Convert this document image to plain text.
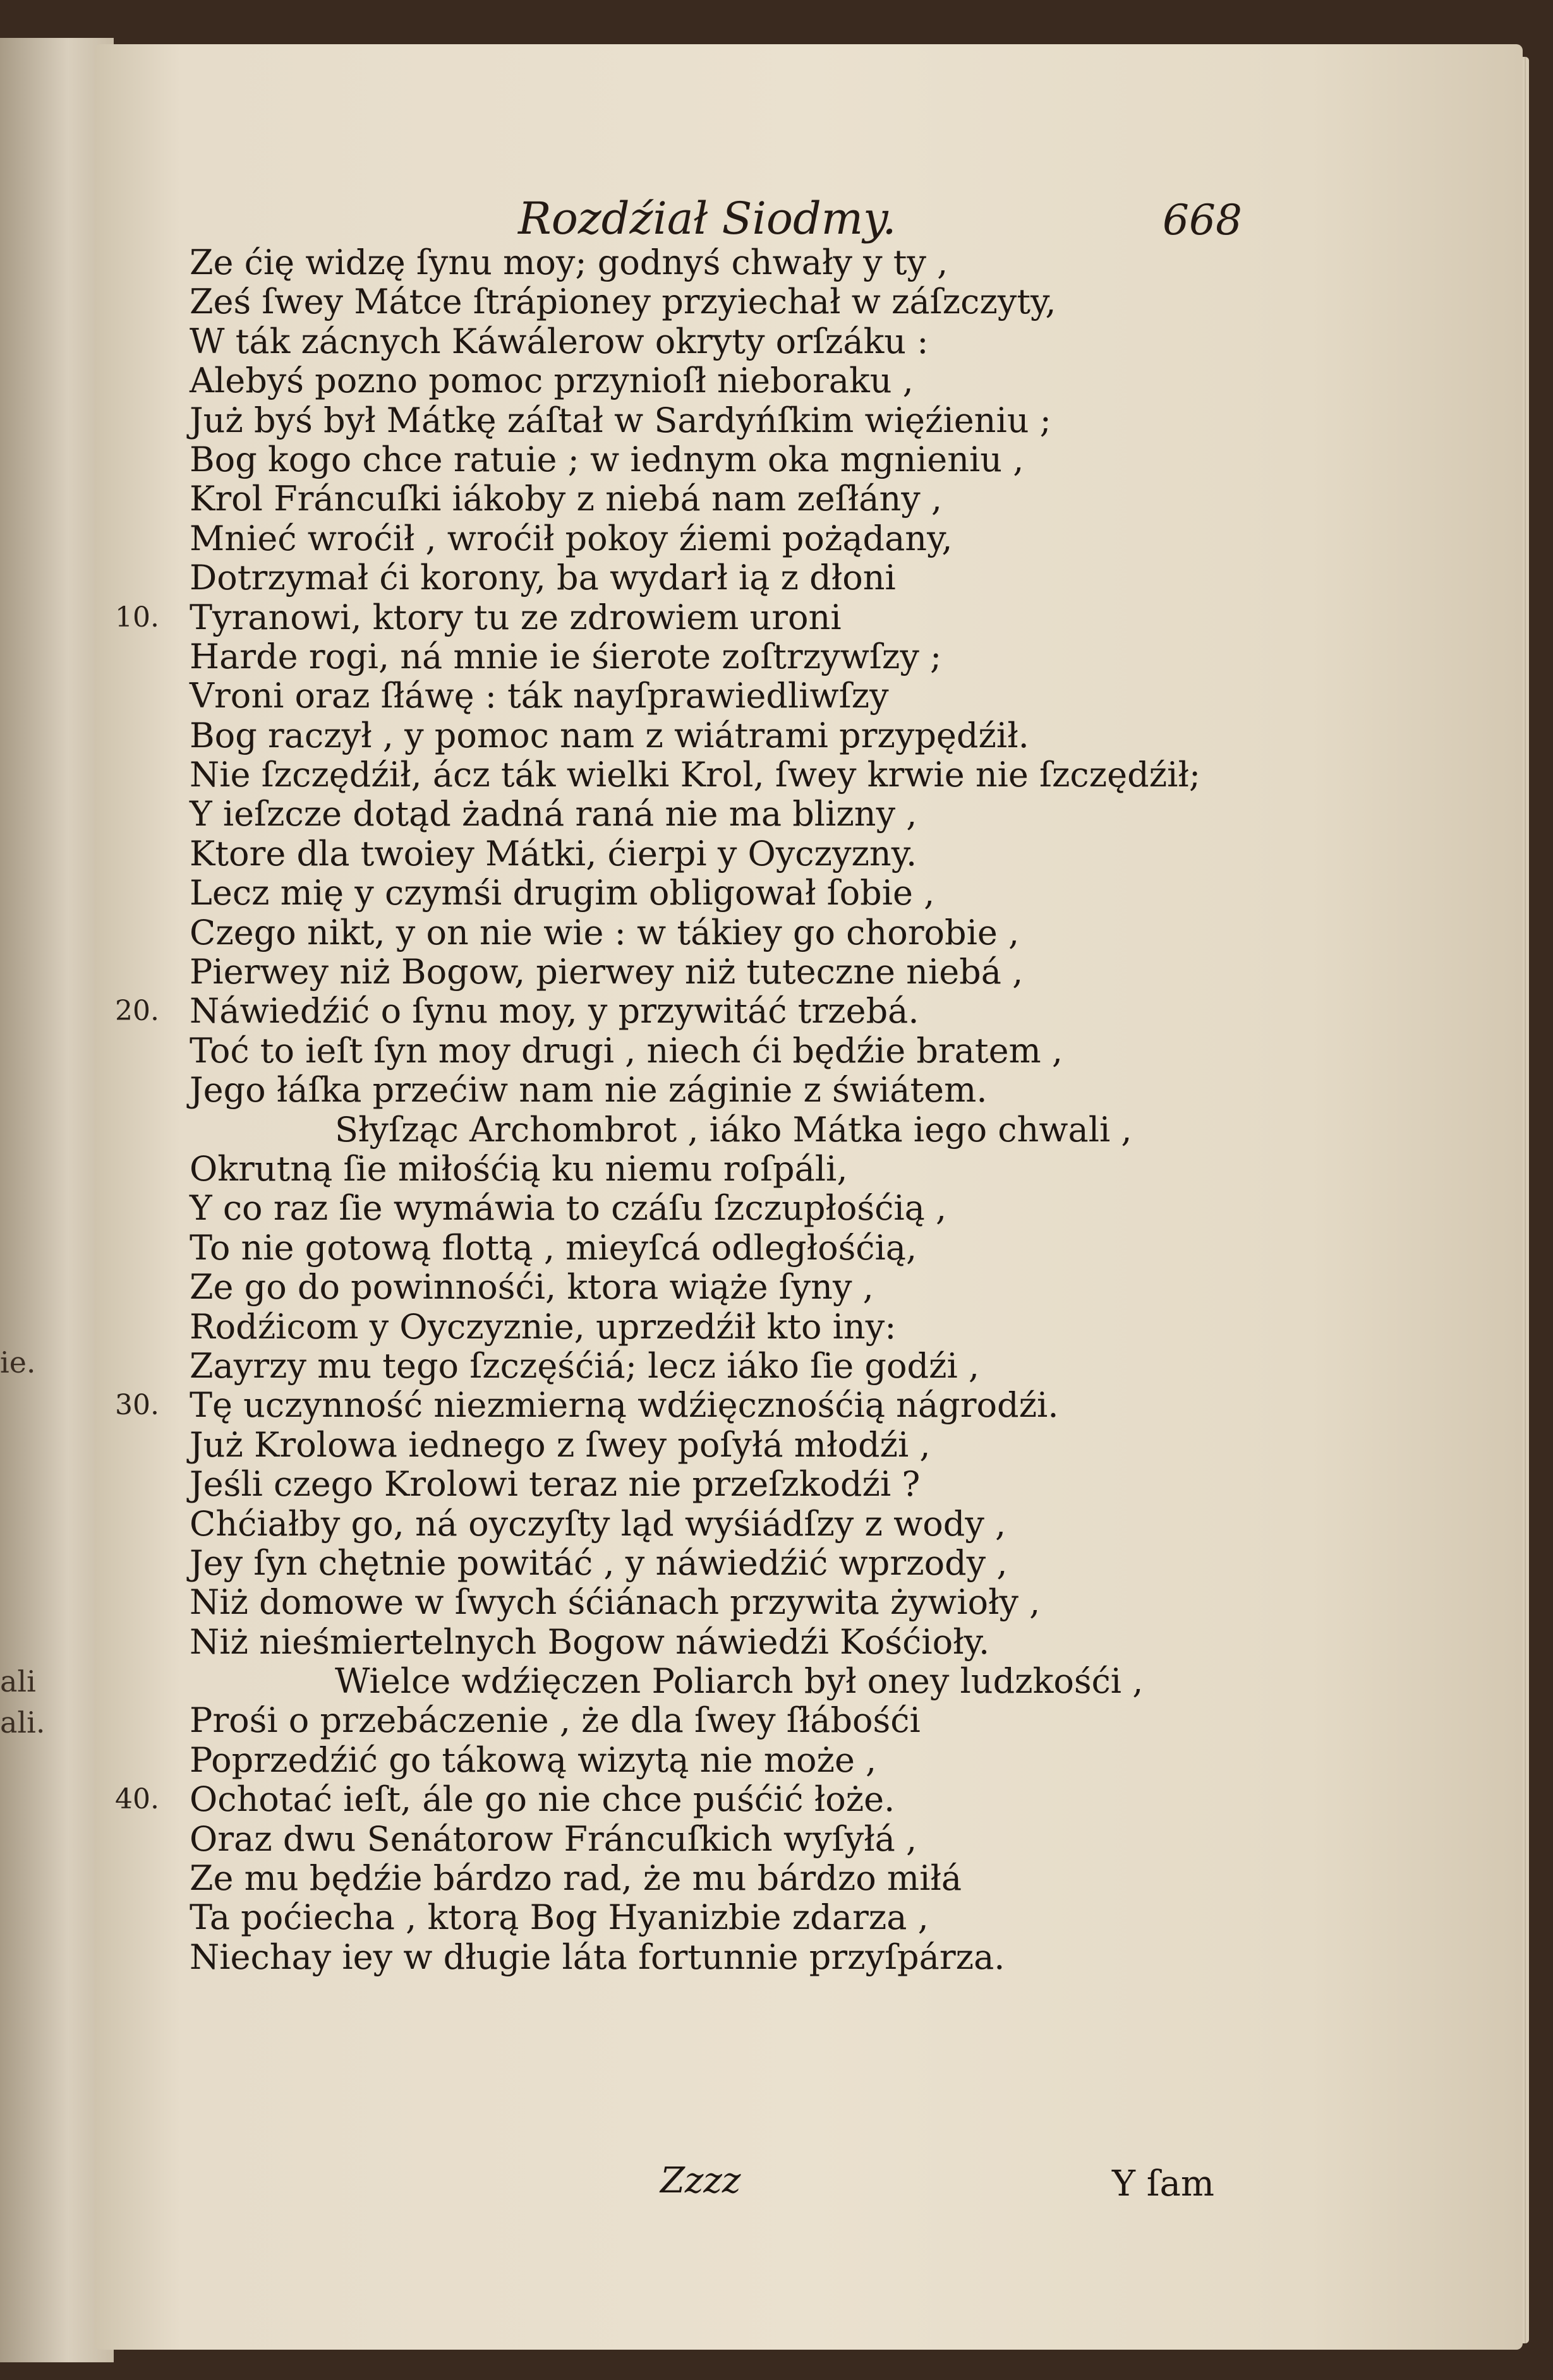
ie.
ali
ali.
Rozdźiał Siodmy.	668
Ze ćię widzę ſynu moy; godnyś chwały y ty ,
Ześ ſwey Mátce ſtrápioney przyiechał w záſzczyty,
W ták zácnych Káwálerow okryty orſzáku :
Alebyś pozno pomoc przynioſł nieboraku ,
Już byś był Mátkę záſtał w Sardyńſkim więźieniu ;
Bog kogo chce ratuie ; w iednym oka mgnieniu ,
Krol Fráncuſki iákoby z niebá nam zeſłány ,
Mnieć wroćił , wroćił pokoy źiemi pożądany,
Dotrzymał ći korony, ba wydarł ią z dłoni
10. Tyranowi, ktory tu ze zdrowiem uroni
Harde rogi, ná mnie ie śierote zoſtrzywſzy ;
Vroni oraz ſłáwę : ták nayſprawiedliwſzy
Bog raczył , y pomoc nam z wiátrami przypędźił.
Nie ſzczędźił, ácz ták wielki Krol, ſwey krwie nie ſzczędźił;
Y ieſzcze dotąd żadná raná nie ma blizny ,
Ktore dla twoiey Mátki, ćierpi y Oyczyzny.
Lecz mię y czymśi drugim obligował ſobie ,
Czego nikt, y on nie wie : w tákiey go chorobie ,
Pierwey niż Bogow, pierwey niż tuteczne niebá ,
20. Náwiedźić o ſynu moy, y przywitáć trzebá.
Toć to ieſt ſyn moy drugi , niech ći będźie bratem ,
Jego łáſka przećiw nam nie záginie z świátem.
Słyſząc Archombrot , iáko Mátka iego chwali ,
Okrutną ſie miłośćią ku niemu roſpáli,
Y co raz ſie wymáwia to czáſu ſzczupłośćią ,
To nie gotową flottą , mieyſcá odległośćią,
Ze go do powinnośći, ktora wiąże ſyny ,
Rodźicom y Oyczyznie, uprzedźił kto iny:
Zayrzy mu tego ſzczęśćiá; lecz iáko ſie godźi ,
30. Tę uczynność niezmierną wdźięcznośćią nágrodźi.
Już Krolowa iednego z ſwey poſyłá młodźi ,
Jeśli czego Krolowi teraz nie przeſzkodźi ?
Chćiałby go, ná oyczyſty ląd wyśiádſzy z wody ,
Jey ſyn chętnie powitáć , y náwiedźić wprzody ,
Niż domowe w ſwych śćiánach przywita żywioły ,
Niż nieśmiertelnych Bogow náwiedźi Kośćioły.
Wielce wdźięczen Poliarch był oney ludzkośći ,
Prośi o przebáczenie , że dla ſwey ſłábośći
Poprzedźić go tákową wizytą nie może ,
40. Ochotać ieſt, ále go nie chce puśćić łoże.
Oraz dwu Senátorow Fráncuſkich wyſyłá ,
Ze mu będźie bárdzo rad, że mu bárdzo miłá
Ta poćiecha , ktorą Bog Hyanizbie zdarza ,
Niechay iey w długie láta fortunnie przyſpárza.
Zzzz	Y ſam
